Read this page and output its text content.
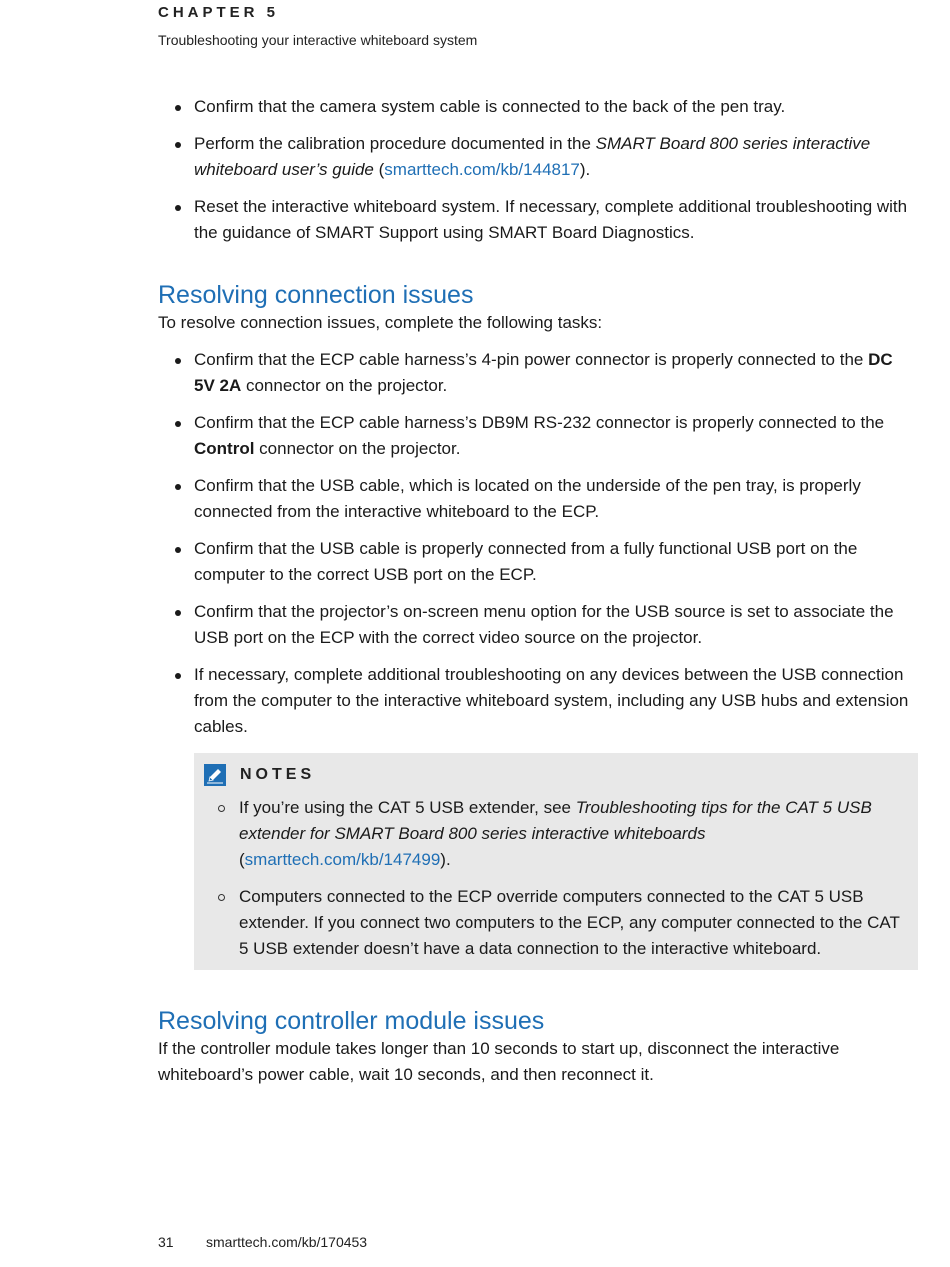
CHAPTER 5
Troubleshooting your interactive whiteboard system
Confirm that the camera system cable is connected to the back of the pen tray.
Perform the calibration procedure documented in the SMART Board 800 series interactive whiteboard user’s guide (smarttech.com/kb/144817).
Reset the interactive whiteboard system. If necessary, complete additional troubleshooting with the guidance of SMART Support using SMART Board Diagnostics.
Resolving connection issues

To resolve connection issues, complete the following tasks:

Confirm that the ECP cable harness’s 4-pin power connector is properly connected to the DC 5V 2A connector on the projector.
Confirm that the ECP cable harness’s DB9M RS-232 connector is properly connected to the Control connector on the projector.
Confirm that the USB cable, which is located on the underside of the pen tray, is properly connected from the interactive whiteboard to the ECP.
Confirm that the USB cable is properly connected from a fully functional USB port on the computer to the correct USB port on the ECP.
Confirm that the projector’s on-screen menu option for the USB source is set to associate the USB port on the ECP with the correct video source on the projector.
If necessary, complete additional troubleshooting on any devices between the USB connection from the computer to the interactive whiteboard system, including any USB hubs and extension cables.
NOTES
If you’re using the CAT 5 USB extender, see Troubleshooting tips for the CAT 5 USB extender for SMART Board 800 series interactive whiteboards (smarttech.com/kb/147499).
Computers connected to the ECP override computers connected to the CAT 5 USB extender. If you connect two computers to the ECP, any computer connected to the CAT 5 USB extender doesn’t have a data connection to the interactive whiteboard.
Resolving controller module issues

If the controller module takes longer than 10 seconds to start up, disconnect the interactive whiteboard’s power cable, wait 10 seconds, and then reconnect it.

31 smarttech.com/kb/170453
